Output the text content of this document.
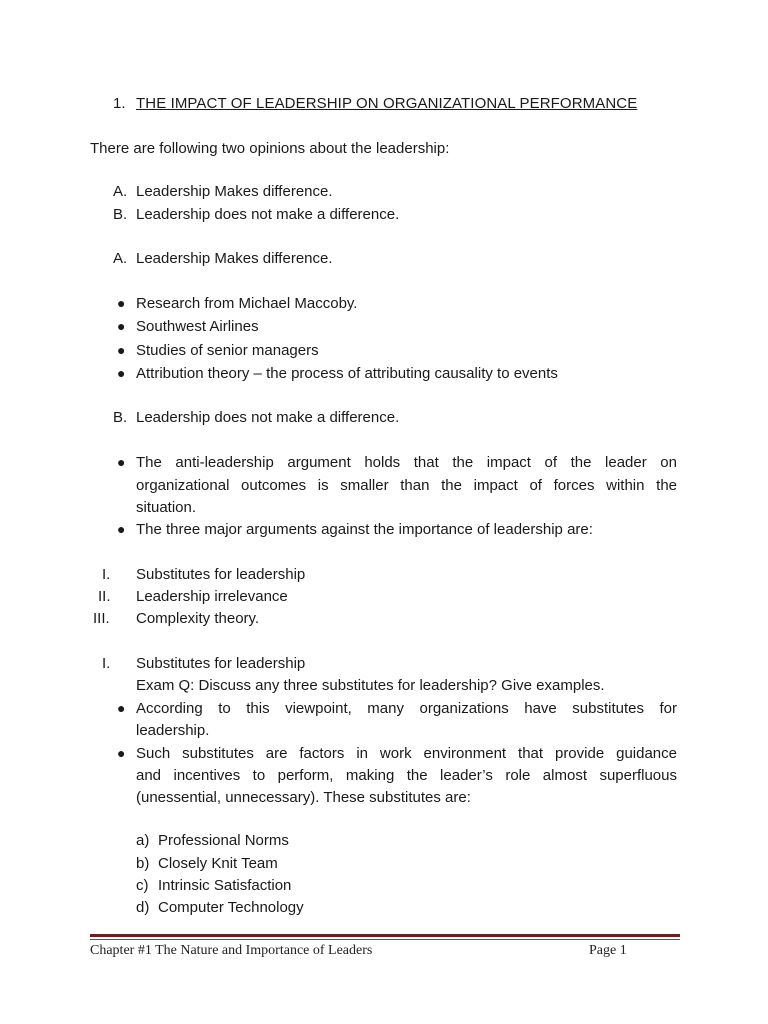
1. THE IMPACT OF LEADERSHIP ON ORGANIZATIONAL PERFORMANCE
There are following two opinions about the leadership:
A. Leadership Makes difference.
B. Leadership does not make a difference.
A. Leadership Makes difference.
● Research from Michael Maccoby.
● Southwest Airlines
● Studies of senior managers
● Attribution theory – the process of attributing causality to events
B. Leadership does not make a difference.
● The anti-leadership argument holds that the impact of the leader on
organizational outcomes is smaller than the impact of forces within the
situation.
● The three major arguments against the importance of leadership are:
I. Substitutes for leadership
II. Leadership irrelevance
III. Complexity theory.
I. Substitutes for leadership
Exam Q: Discuss any three substitutes for leadership? Give examples.
● According to this viewpoint, many organizations have substitutes for
leadership.
● Such substitutes are factors in work environment that provide guidance
and incentives to perform, making the leader’s role almost superfluous
(unessential, unnecessary). These substitutes are:
a) Professional Norms
b) Closely Knit Team
c) Intrinsic Satisfaction
d) Computer Technology
Chapter #1 The Nature and Importance of Leaders	Page 1
